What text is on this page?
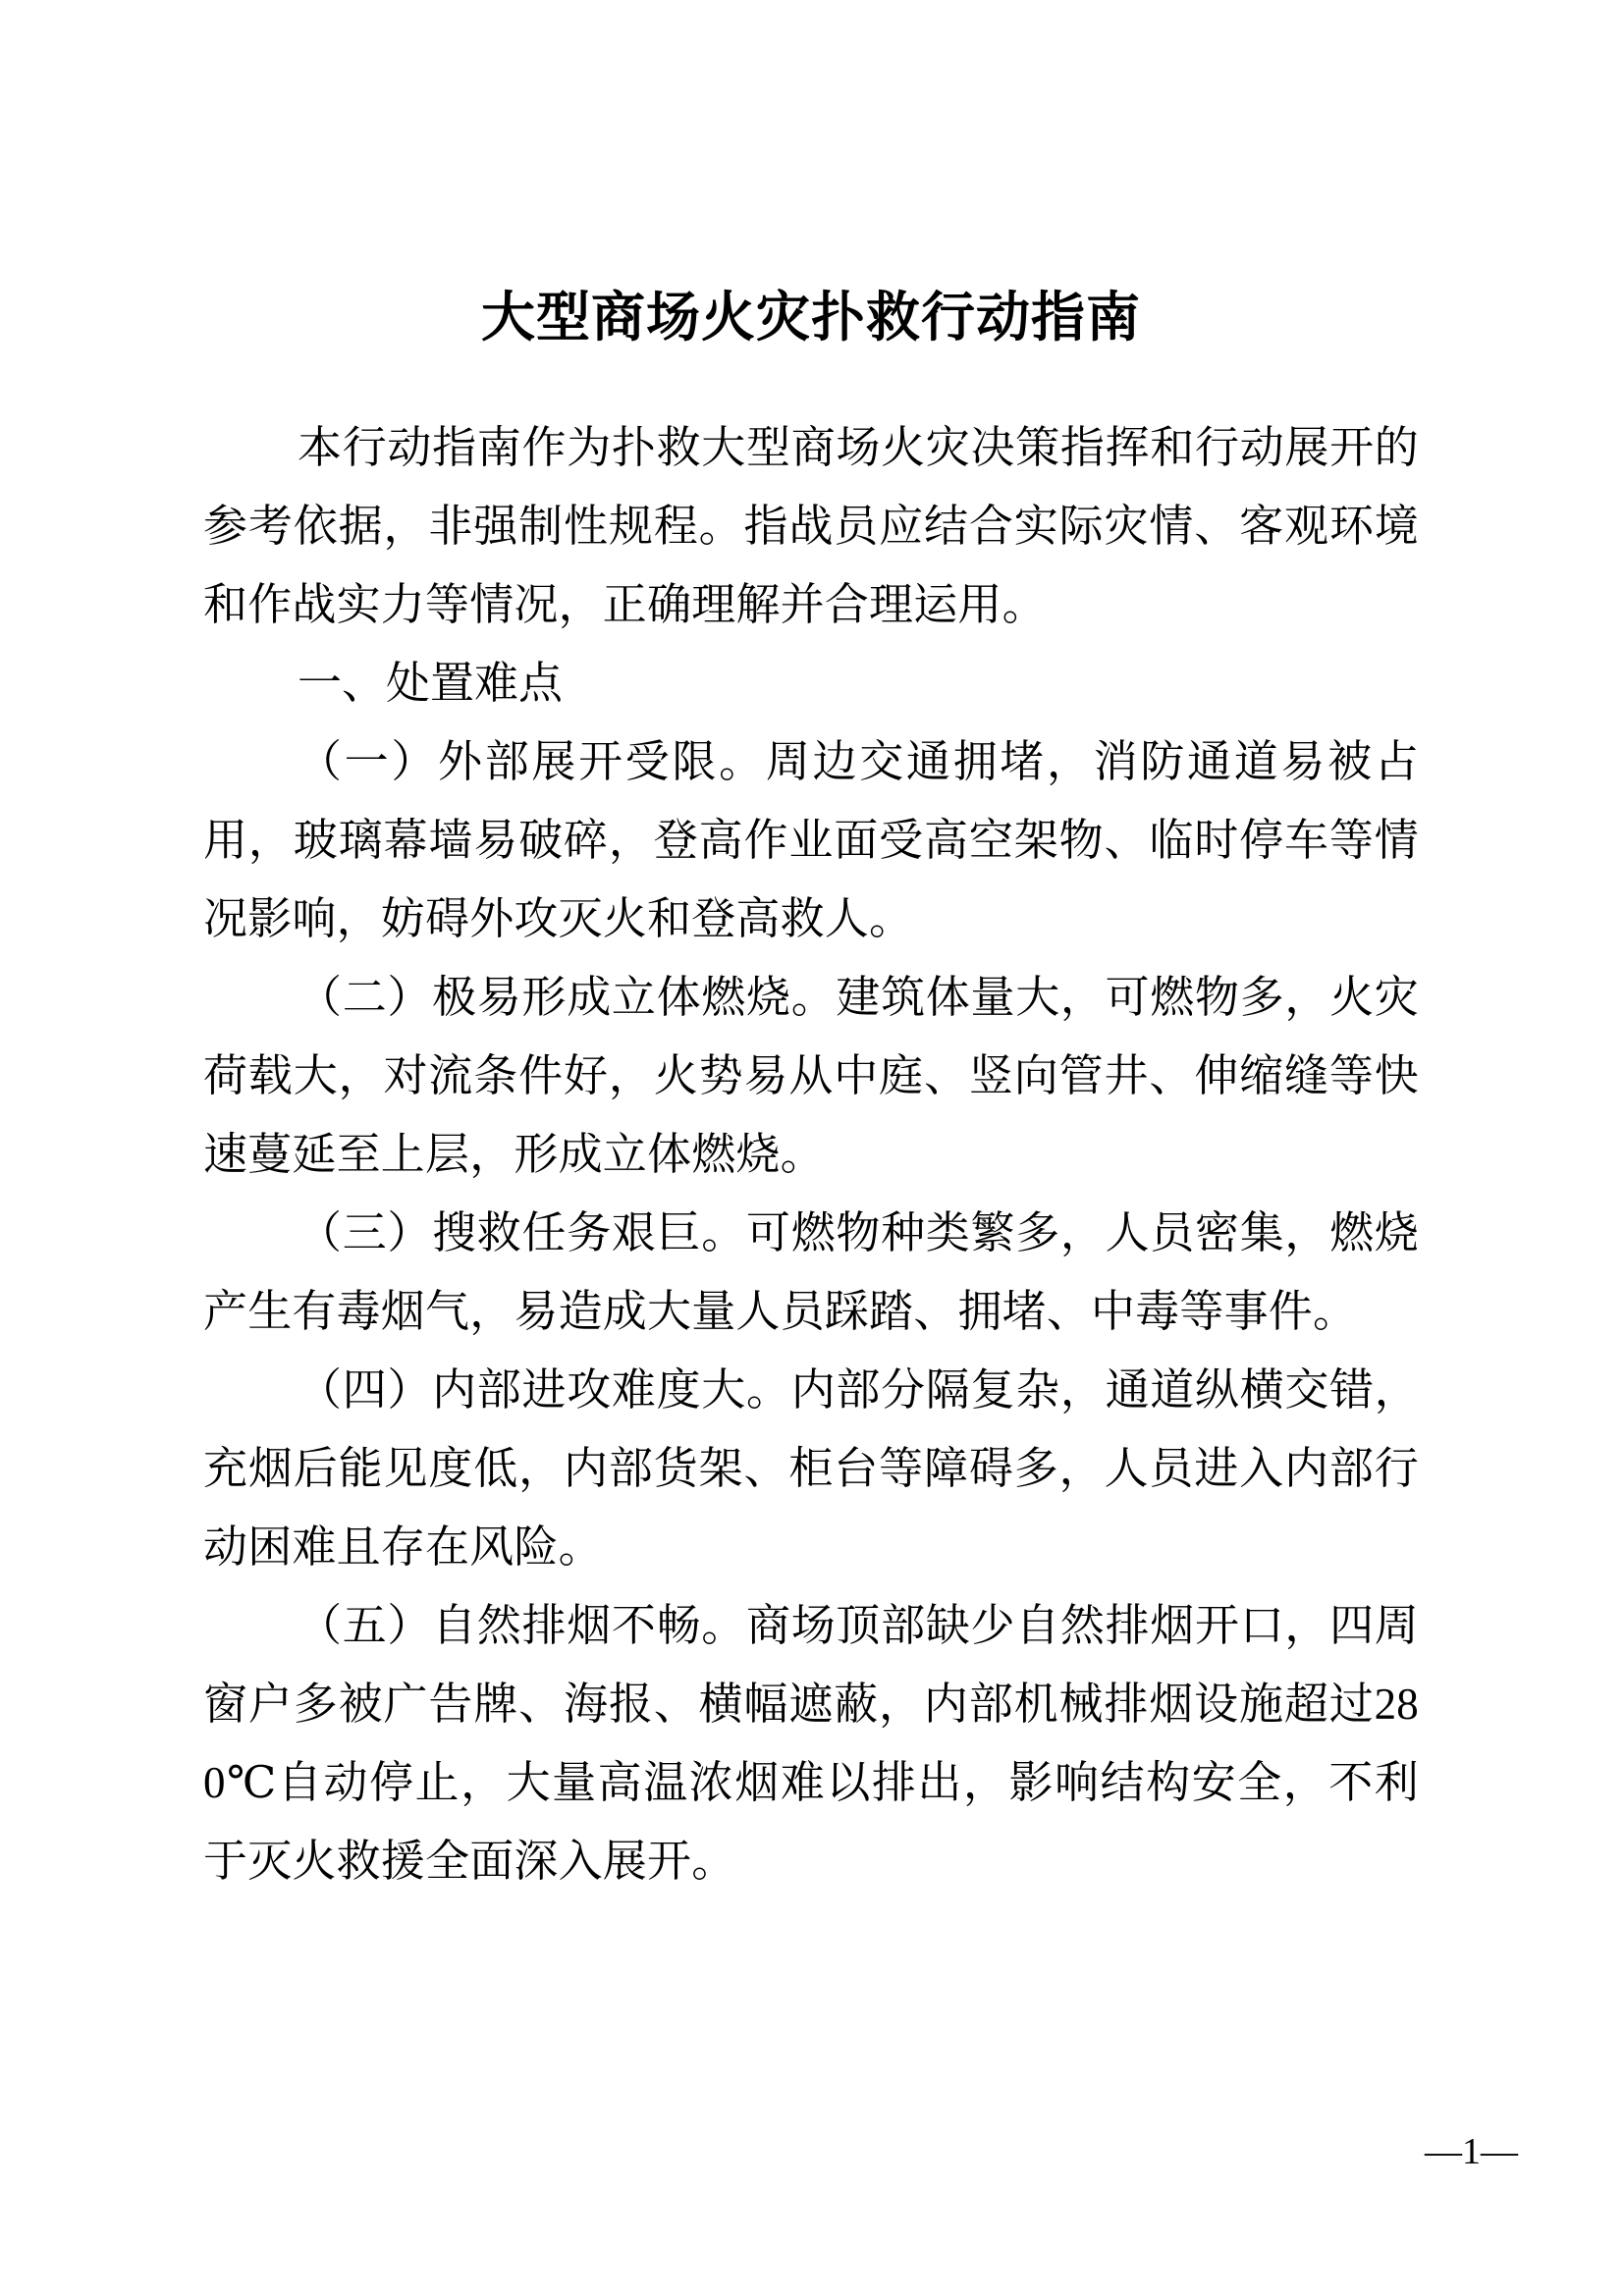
大型商场火灾扑救行动指南

本行动指南作为扑救大型商场火灾决策指挥和行动展开的参考依据，非强制性规程。指战员应结合实际灾情、客观环境和作战实力等情况，正确理解并合理运用。

一、处置难点

（一）外部展开受限。周边交通拥堵，消防通道易被占用，玻璃幕墙易破碎，登高作业面受高空架物、临时停车等情况影响，妨碍外攻灭火和登高救人。

（二）极易形成立体燃烧。建筑体量大，可燃物多，火灾荷载大，对流条件好，火势易从中庭、竖向管井、伸缩缝等快速蔓延至上层，形成立体燃烧。

（三）搜救任务艰巨。可燃物种类繁多，人员密集，燃烧产生有毒烟气，易造成大量人员踩踏、拥堵、中毒等事件。

（四）内部进攻难度大。内部分隔复杂，通道纵横交错，充烟后能见度低，内部货架、柜台等障碍多，人员进入内部行动困难且存在风险。

（五）自然排烟不畅。商场顶部缺少自然排烟开口，四周窗户多被广告牌、海报、横幅遮蔽，内部机械排烟设施超过280℃自动停止，大量高温浓烟难以排出，影响结构安全，不利于灭火救援全面深入展开。

—1—
